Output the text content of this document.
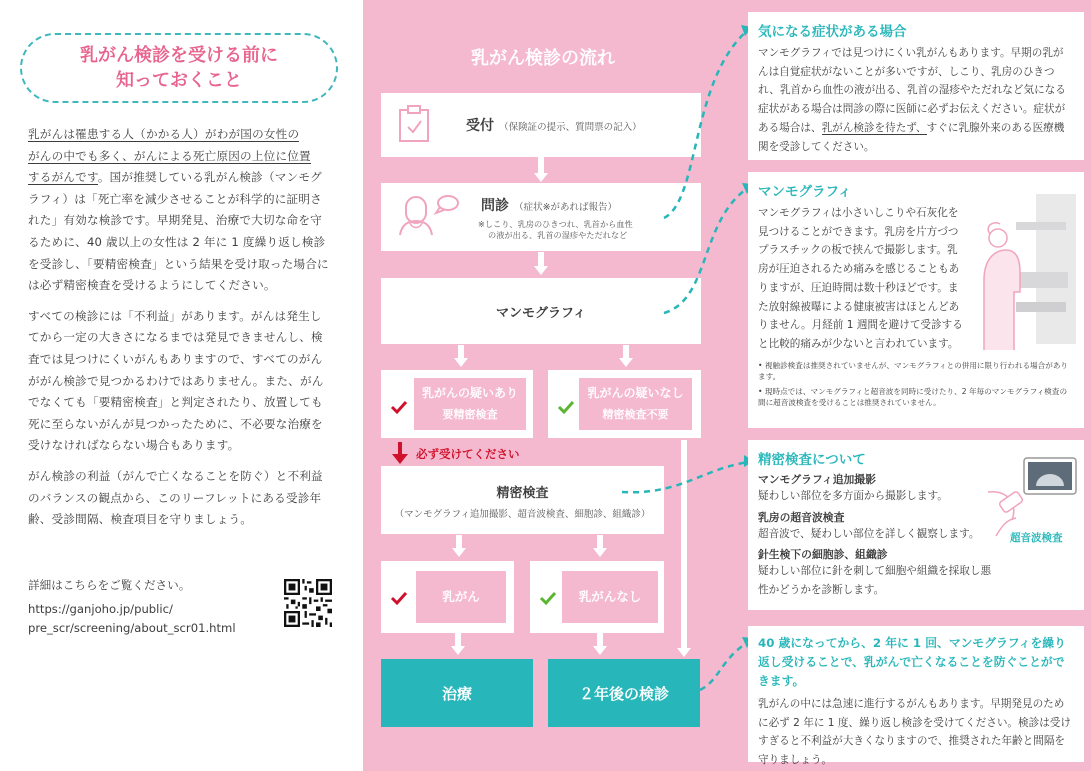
乳がん検診を受ける前に
知っておくこと

乳がんは罹患する人（かかる人）がわが国の女性の
がんの中でも多く、がんによる死亡原因の上位に位置
するがんです。国が推奨している乳がん検診（マンモグラフィ）は「死亡率を減少させることが科学的に証明された」有効な検診です。早期発見、治療で大切な命を守るために、40 歳以上の女性は 2 年に 1 度繰り返し検診を受診し、「要精密検査」という結果を受け取った場合には必ず精密検査を受けるようにしてください。

すべての検診には「不利益」があります。がんは発生してから一定の大きさになるまでは発見できませんし、検査では見つけにくいがんもありますので、すべてのがんががん検診で見つかるわけではありません。また、がんでなくても「要精密検査」と判定されたり、放置しても死に至らないがんが見つかったために、不必要な治療を受けなければならない場合もあります。

がん検診の利益（がんで亡くなることを防ぐ）と不利益のバランスの観点から、このリーフレットにある受診年齢、受診間隔、検査項目を守りましょう。

詳細はこちらをご覧ください。
https://ganjoho.jp/public/
pre_scr/screening/about_scr01.html
乳がん検診の流れ
受付 （保険証の提示、質問票の記入）
問診 （症状※があれば報告）
※しこり、乳房のひきつれ、乳首から血性
の液が出る、乳首の湿疹やただれなど
マンモグラフィ
乳がんの疑いあり
要精密検査
乳がんの疑いなし
精密検査不要
必ず受けてください
精密検査
（マンモグラフィ追加撮影、超音波検査、細胞診、組織診）
乳がん	乳がんなし
治療	２年後の検診
気になる症状がある場合
マンモグラフィでは見つけにくい乳がんもあります。早期の乳がんは自覚症状がないことが多いですが、しこり、乳房のひきつれ、乳首から血性の液が出る、乳首の湿疹やただれなど気になる症状がある場合は問診の際に医師に必ずお伝えください。症状がある場合は、乳がん検診を待たず、すぐに乳腺外来のある医療機関を受診してください。
マンモグラフィ
マンモグラフィは小さいしこりや石灰化を見つけることができます。乳房を片方づつプラスチックの板で挟んで撮影します。乳房が圧迫されるため痛みを感じることもありますが、圧迫時間は数十秒ほどです。また放射線被曝による健康被害はほとんどありません。月経前 1 週間を避けて受診すると比較的痛みが少ないと言われています。
• 視触診検査は推奨されていませんが、マンモグラフィとの併用に限り行われる場合があります。
• 現時点では、マンモグラフィと超音波を同時に受けたり、2 年毎のマンモグラフィ検査の間に超音波検査を受けることは推奨されていません。
精密検査について
マンモグラフィ追加撮影
疑わしい部位を多方面から撮影します。
乳房の超音波検査
超音波で、疑わしい部位を詳しく観察します。
針生検下の細胞診、組織診
疑わしい部位に針を刺して細胞や組織を採取し悪性かどうかを診断します。
超音波検査
40 歳になってから、2 年に 1 回、マンモグラフィを繰り返し受けることで、乳がんで亡くなることを防ぐことができます。
乳がんの中には急速に進行するがんもあります。早期発見のために必ず 2 年に 1 度、繰り返し検診を受けてください。検診は受けすぎると不利益が大きくなりますので、推奨された年齢と間隔を守りましょう。
